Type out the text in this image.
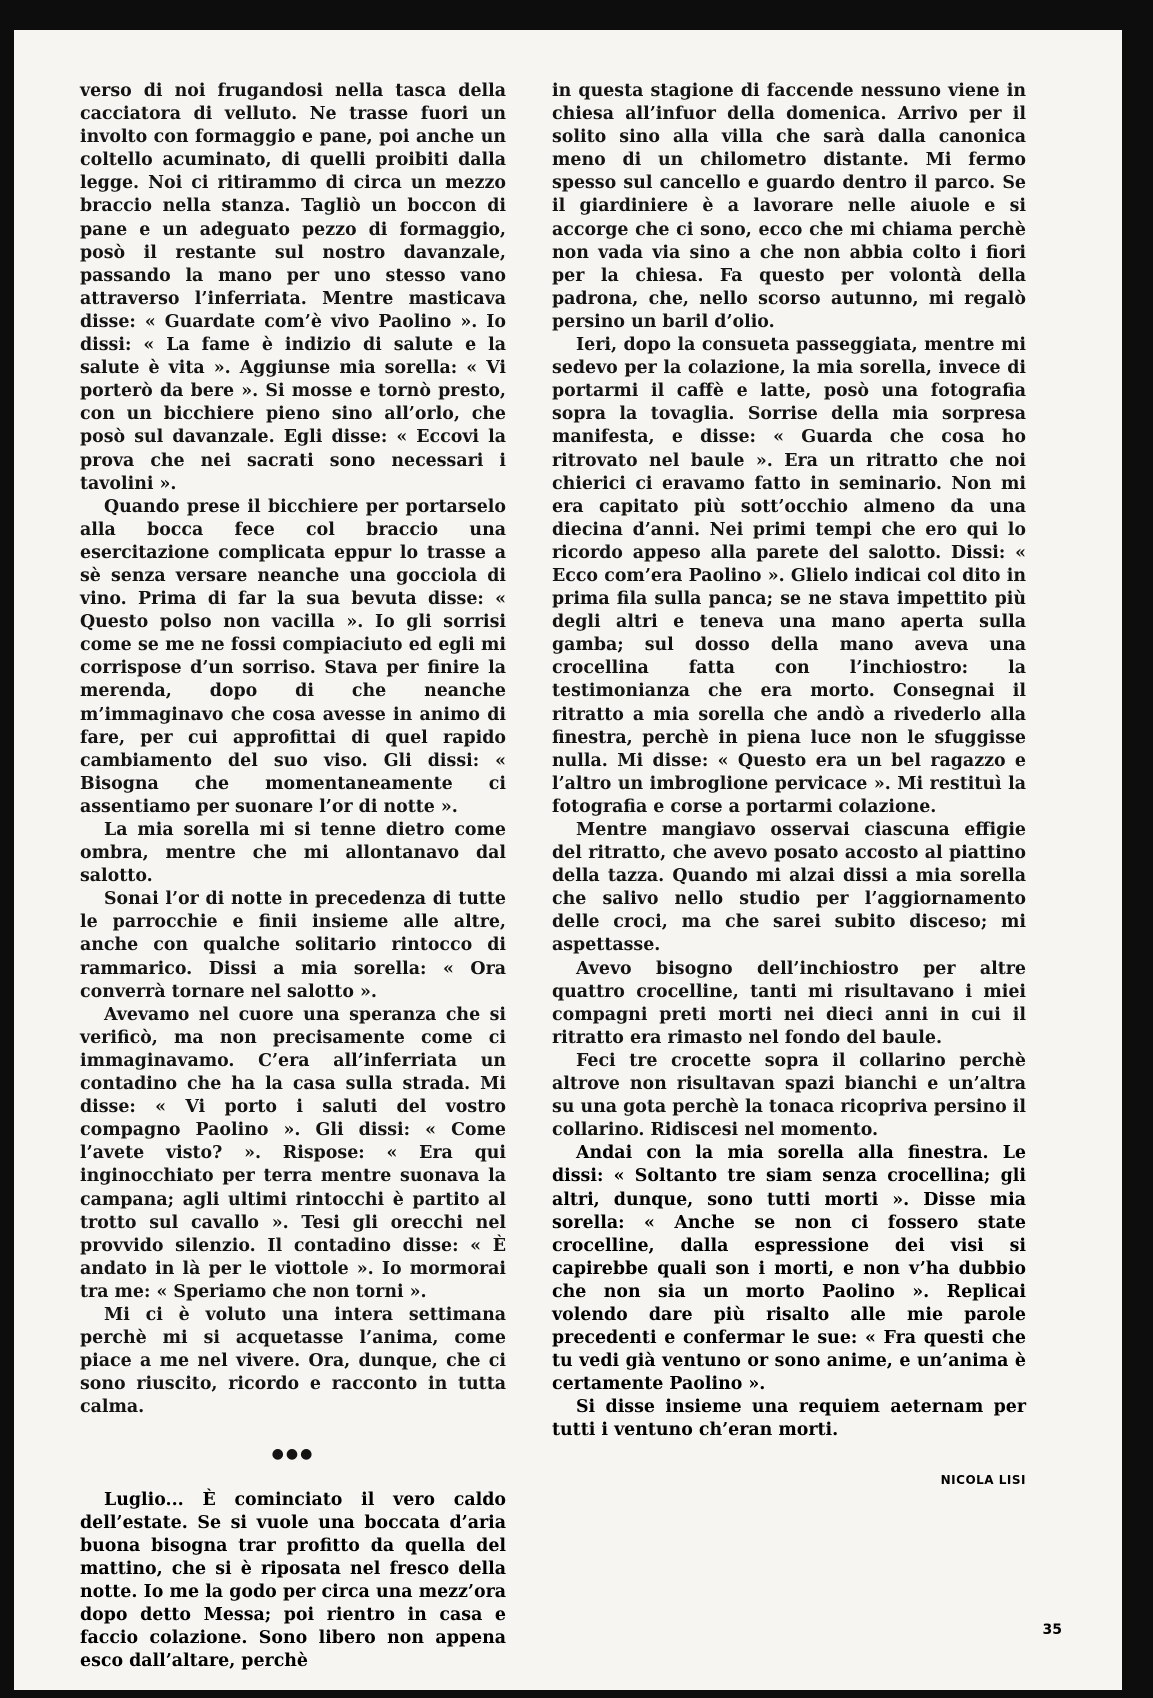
verso di noi frugandosi nella tasca della cacciatora di velluto. Ne trasse fuori un involto con formaggio e pane, poi anche un coltello acuminato, di quelli proibiti dalla legge. Noi ci ritirammo di circa un mezzo braccio nella stanza. Tagliò un boccon di pane e un adeguato pezzo di formaggio, posò il restante sul nostro davanzale, passando la mano per uno stesso vano attraverso l’inferriata. Mentre masticava disse: « Guardate com’è vivo Paolino ». Io dissi: « La fame è indizio di salute e la salute è vita ». Aggiunse mia sorella: « Vi porterò da bere ». Si mosse e tornò presto, con un bicchiere pieno sino all’orlo, che posò sul davanzale. Egli disse: « Eccovi la prova che nei sacrati sono necessari i tavolini ».

Quando prese il bicchiere per portarselo alla bocca fece col braccio una esercitazione complicata eppur lo trasse a sè senza versare neanche una gocciola di vino. Prima di far la sua bevuta disse: « Questo polso non vacilla ». Io gli sorrisi come se me ne fossi compiaciuto ed egli mi corrispose d’un sorriso. Stava per finire la merenda, dopo di che neanche m’immaginavo che cosa avesse in animo di fare, per cui approfittai di quel rapido cambiamento del suo viso. Gli dissi: « Bisogna che momentaneamente ci assentiamo per suonare l’or di notte ».

La mia sorella mi si tenne dietro come ombra, mentre che mi allontanavo dal salotto.

Sonai l’or di notte in precedenza di tutte le parrocchie e finii insieme alle altre, anche con qualche solitario rintocco di rammarico. Dissi a mia sorella: « Ora converrà tornare nel salotto ».

Avevamo nel cuore una speranza che si verificò, ma non precisamente come ci immaginavamo. C’era all’inferriata un contadino che ha la casa sulla strada. Mi disse: « Vi porto i saluti del vostro compagno Paolino ». Gli dissi: « Come l’avete visto? ». Rispose: « Era qui inginocchiato per terra mentre suonava la campana; agli ultimi rintocchi è partito al trotto sul cavallo ». Tesi gli orecchi nel provvido silenzio. Il contadino disse: « È andato in là per le viottole ». Io mormorai tra me: « Speriamo che non torni ».

Mi ci è voluto una intera settimana perchè mi si acquetasse l’anima, come piace a me nel vivere. Ora, dunque, che ci sono riuscito, ricordo e racconto in tutta calma.

●●●

Luglio... È cominciato il vero caldo dell’estate. Se si vuole una boccata d’aria buona bisogna trar profitto da quella del mattino, che si è riposata nel fresco della notte. Io me la godo per circa una mezz’ora dopo detto Messa; poi rientro in casa e faccio colazione. Sono libero non appena esco dall’altare, perchè

in questa stagione di faccende nessuno viene in chiesa all’infuor della domenica. Arrivo per il solito sino alla villa che sarà dalla canonica meno di un chilometro distante. Mi fermo spesso sul cancello e guardo dentro il parco. Se il giardiniere è a lavorare nelle aiuole e si accorge che ci sono, ecco che mi chiama perchè non vada via sino a che non abbia colto i fiori per la chiesa. Fa questo per volontà della padrona, che, nello scorso autunno, mi regalò persino un baril d’olio.

Ieri, dopo la consueta passeggiata, mentre mi sedevo per la colazione, la mia sorella, invece di portarmi il caffè e latte, posò una fotografia sopra la tovaglia. Sorrise della mia sorpresa manifesta, e disse: « Guarda che cosa ho ritrovato nel baule ». Era un ritratto che noi chierici ci eravamo fatto in seminario. Non mi era capitato più sott’occhio almeno da una diecina d’anni. Nei primi tempi che ero qui lo ricordo appeso alla parete del salotto. Dissi: « Ecco com’era Paolino ». Glielo indicai col dito in prima fila sulla panca; se ne stava impettito più degli altri e teneva una mano aperta sulla gamba; sul dosso della mano aveva una crocellina fatta con l’inchiostro: la testimonianza che era morto. Consegnai il ritratto a mia sorella che andò a rivederlo alla finestra, perchè in piena luce non le sfuggisse nulla. Mi disse: « Questo era un bel ragazzo e l’altro un imbroglione pervicace ». Mi restituì la fotografia e corse a portarmi colazione.

Mentre mangiavo osservai ciascuna effigie del ritratto, che avevo posato accosto al piattino della tazza. Quando mi alzai dissi a mia sorella che salivo nello studio per l’aggiornamento delle croci, ma che sarei subito disceso; mi aspettasse.

Avevo bisogno dell’inchiostro per altre quattro crocelline, tanti mi risultavano i miei compagni preti morti nei dieci anni in cui il ritratto era rimasto nel fondo del baule.

Feci tre crocette sopra il collarino perchè altrove non risultavan spazi bianchi e un’altra su una gota perchè la tonaca ricopriva persino il collarino. Ridiscesi nel momento.

Andai con la mia sorella alla finestra. Le dissi: « Soltanto tre siam senza crocellina; gli altri, dunque, sono tutti morti ». Disse mia sorella: « Anche se non ci fossero state crocelline, dalla espressione dei visi si capirebbe quali son i morti, e non v’ha dubbio che non sia un morto Paolino ». Replicai volendo dare più risalto alle mie parole precedenti e confermar le sue: « Fra questi che tu vedi già ventuno or sono anime, e un’anima è certamente Paolino ».

Si disse insieme una requiem aeternam per tutti i ventuno ch’eran morti.

NICOLA LISI
35
